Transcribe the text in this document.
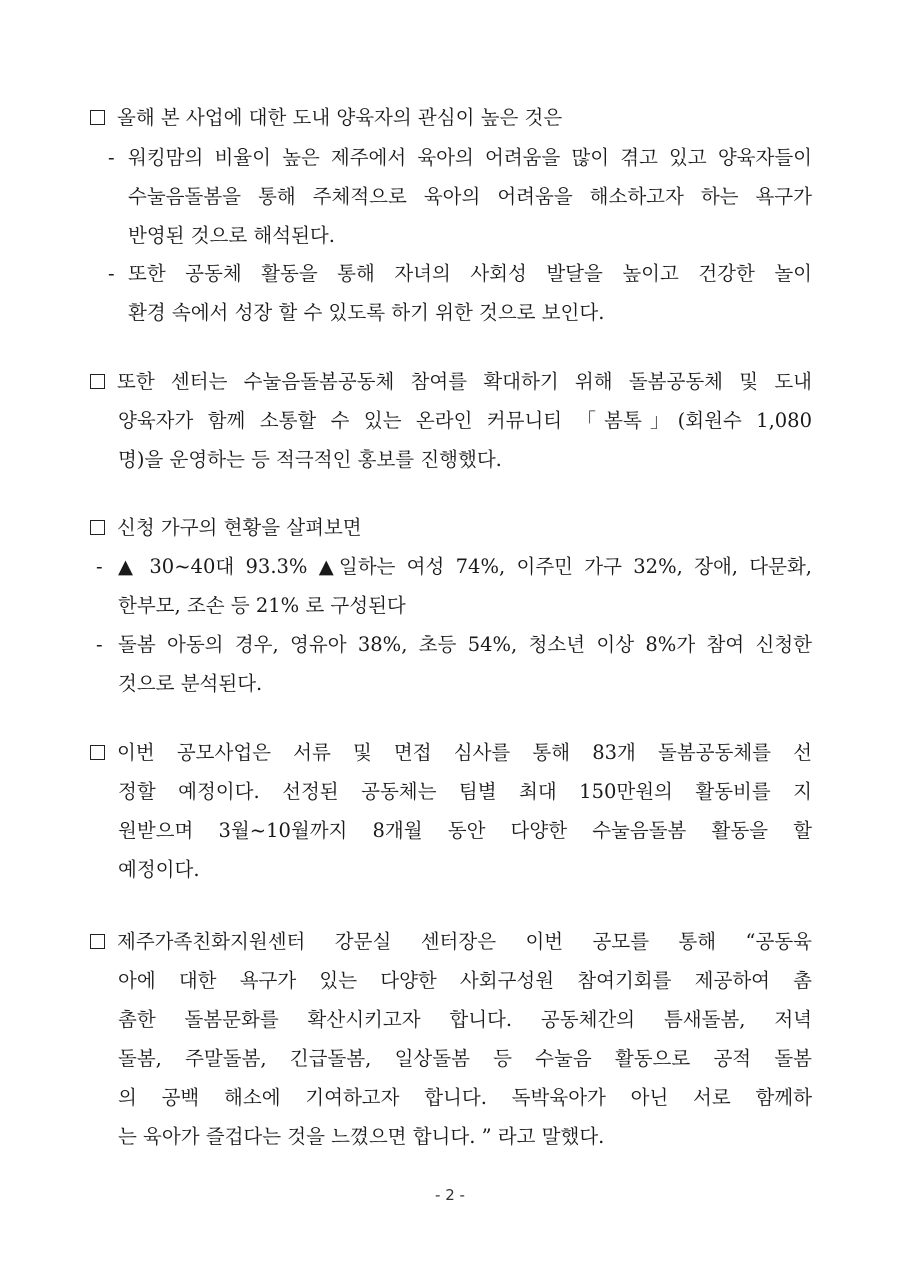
올해 본 사업에 대한 도내 양육자의 관심이 높은 것은
- 워킹맘의 비율이 높은 제주에서 육아의 어려움을 많이 겪고 있고 양육자들이
수눌음돌봄을 통해 주체적으로 육아의 어려움을 해소하고자 하는 욕구가
반영된 것으로 해석된다.
- 또한 공동체 활동을 통해 자녀의 사회성 발달을 높이고 건강한 놀이
환경 속에서 성장 할 수 있도록 하기 위한 것으로 보인다.
또한 센터는 수눌음돌봄공동체 참여를 확대하기 위해 돌봄공동체 및 도내
양육자가 함께 소통할 수 있는 온라인 커뮤니티 「봄톡」(회원수 1,080
명)을 운영하는 등 적극적인 홍보를 진행했다.
신청 가구의 현황을 살펴보면
- ▲ 30~40대 93.3% ▲일하는 여성 74%, 이주민 가구 32%, 장애, 다문화,
한부모, 조손 등 21% 로 구성된다
- 돌봄 아동의 경우, 영유아 38%, 초등 54%, 청소년 이상 8%가 참여 신청한
것으로 분석된다.
이번 공모사업은 서류 및 면접 심사를 통해 83개 돌봄공동체를 선
정할 예정이다. 선정된 공동체는 팀별 최대 150만원의 활동비를 지
원받으며 3월~10월까지 8개월 동안 다양한 수눌음돌봄 활동을 할
예정이다.
제주가족친화지원센터 강문실 센터장은 이번 공모를 통해 “공동육
아에 대한 욕구가 있는 다양한 사회구성원 참여기회를 제공하여 촘
촘한 돌봄문화를 확산시키고자 합니다. 공동체간의 틈새돌봄, 저녁
돌봄, 주말돌봄, 긴급돌봄, 일상돌봄 등 수눌음 활동으로 공적 돌봄
의 공백 해소에 기여하고자 합니다. 독박육아가 아닌 서로 함께하
는 육아가 즐겁다는 것을 느꼈으면 합니다. ” 라고 말했다.
- 2 -
